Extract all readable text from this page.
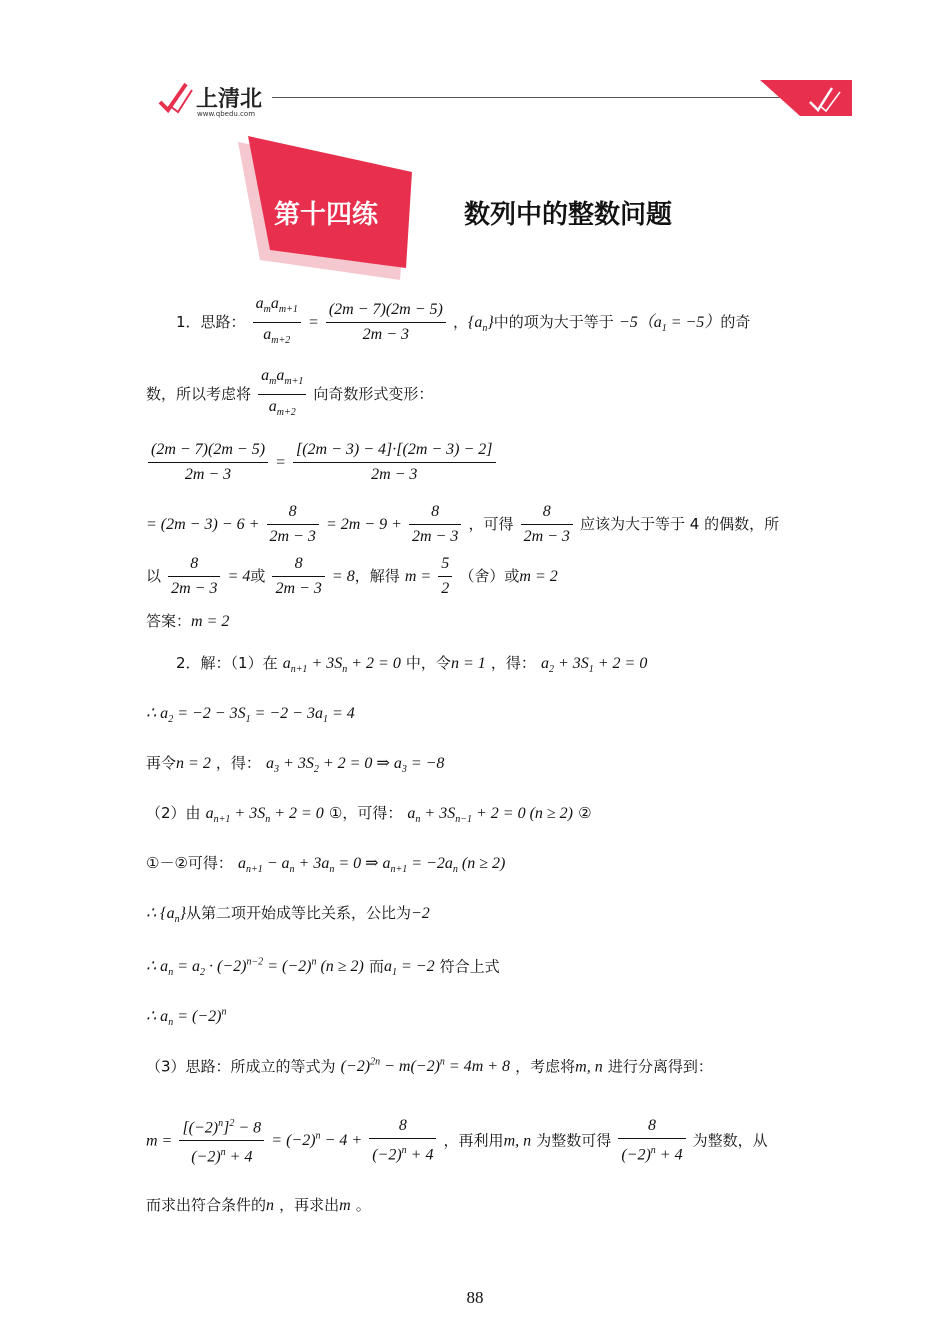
上清北
www.qbedu.com
第十四练	数列中的整数问题
1．思路： $\frac{a_ma_{m+1}}{a_{m+2}} = \frac{(2m - 7)(2m - 5)}{2m - 3}$ ，$\{a_n\}$中的项为大于等于 $-5(a_1 = -5)$的奇
数，所以考虑将 $\frac{a_ma_{m+1}}{a_{m+2}}$ 向奇数形式变形：
$\frac{(2m - 7)(2m - 5)}{2m - 3} = \frac{[(2m - 3) - 4]\cdot[(2m - 3) - 2]}{2m - 3}$
= $(2m - 3) - 6 + \frac{8}{2m - 3} = 2m - 9 + \frac{8}{2m - 3}$ ，可得 $\frac{8}{2m - 3}$ 应该为大于等于 4 的偶数，所
以 $\frac{8}{2m - 3} = 4$或 $\frac{8}{2m - 3} = 8$，解得 $m = \frac{5}{2}$ （舍）或m = 2
答案：m = 2
2．解：（1）在 $a_{n+1} + 3S_n + 2 = 0$ 中，令n = 1 ，得： $a_2 + 3S_1 + 2 = 0$
∴ $a_2 = -2 - 3S_1 = -2 - 3a_1 = 4$
再令n = 2 ，得： $a_3 + 3S_2 + 2 = 0$ ⇒ $a_3 = -8$
（2）由 $a_{n+1} + 3S_n + 2 = 0$ ①，可得： $a_n + 3S_{n-1} + 2 = 0$ (n ≥ 2) ②
①－②可得： $a_{n+1} - a_n + 3a_n = 0$ ⇒ $a_{n+1} = -2a_n$ (n ≥ 2)
∴ $\{a_n\}$从第二项开始成等比关系，公比为−2
∴ $a_n = a_2 \cdot (-2)^{n-2} = (-2)^n$ (n ≥ 2) 而$a_1 = -2$ 符合上式
∴ $a_n = (-2)^n$
（3）思路：所成立的等式为 $(-2)^{2n} - m(-2)^n = 4m + 8$ ，考虑将m, n 进行分离得到：
$m = \frac{[(-2)^n]^2 - 8}{(-2)^n + 4} = (-2)^n - 4 + \frac{8}{(-2)^n + 4}$ ，再利用m, n 为整数可得 $\frac{8}{(-2)^n + 4}$ 为整数，从
而求出符合条件的n ，再求出m 。
88
